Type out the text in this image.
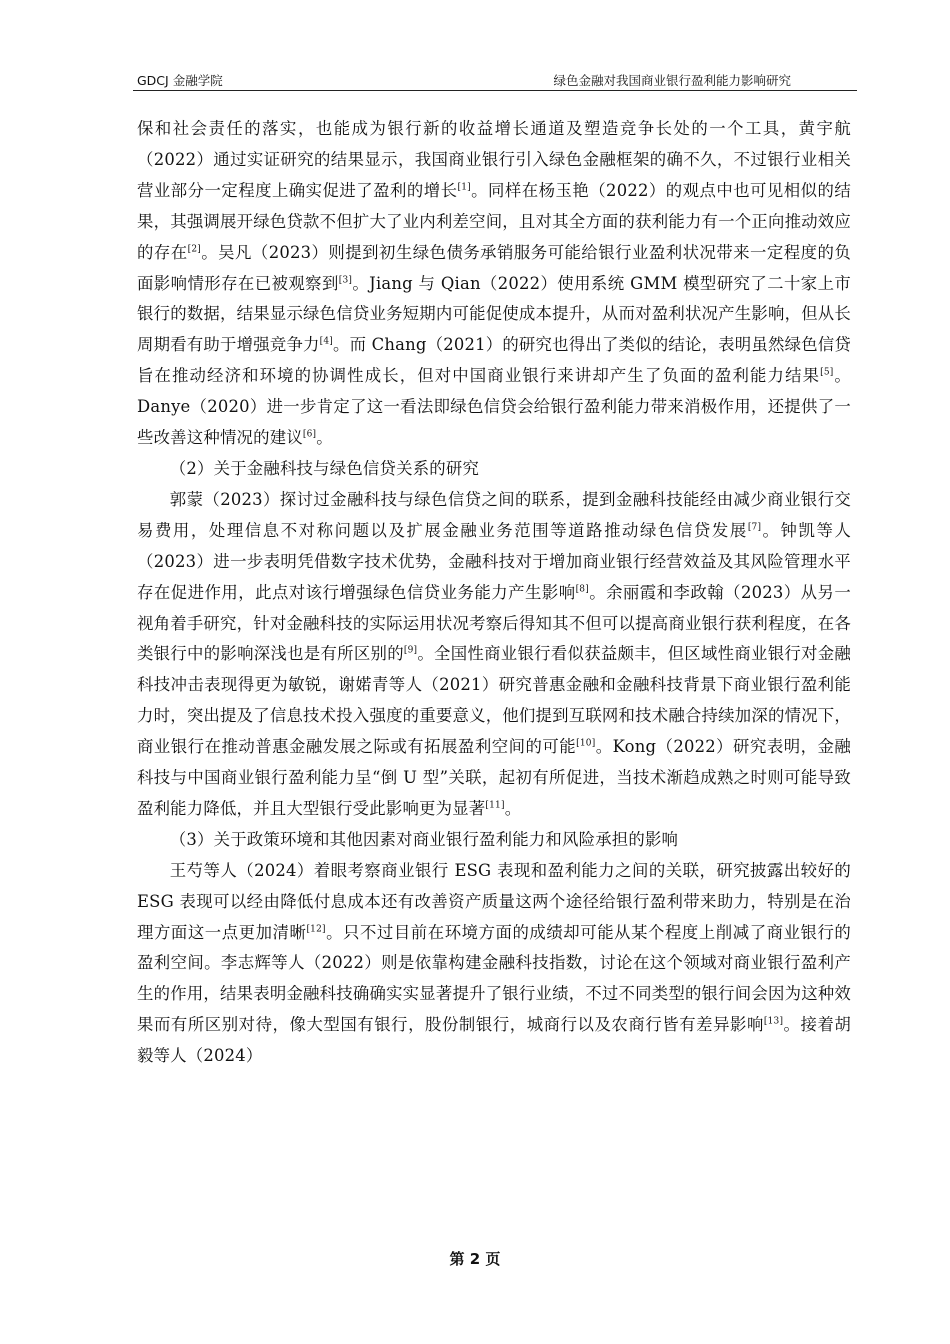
GDCJ 金融学院	绿色金融对我国商业银行盈利能力影响研究

保和社会责任的落实，也能成为银行新的收益增长通道及塑造竞争长处的一个工具，黄宇航（2022）通过实证研究的结果显示，我国商业银行引入绿色金融框架的确不久，不过银行业相关营业部分一定程度上确实促进了盈利的增长[1]。同样在杨玉艳（2022）的观点中也可见相似的结果，其强调展开绿色贷款不但扩大了业内利差空间，且对其全方面的获利能力有一个正向推动效应的存在[2]。吴凡（2023）则提到初生绿色债务承销服务可能给银行业盈利状况带来一定程度的负面影响情形存在已被观察到[3]。Jiang 与 Qian（2022）使用系统 GMM 模型研究了二十家上市银行的数据，结果显示绿色信贷业务短期内可能促使成本提升，从而对盈利状况产生影响，但从长周期看有助于增强竞争力[4]。而 Chang（2021）的研究也得出了类似的结论，表明虽然绿色信贷旨在推动经济和环境的协调性成长，但对中国商业银行来讲却产生了负面的盈利能力结果[5]。Danye（2020）进一步肯定了这一看法即绿色信贷会给银行盈利能力带来消极作用，还提供了一些改善这种情况的建议[6]。

（2）关于金融科技与绿色信贷关系的研究

郭蒙（2023）探讨过金融科技与绿色信贷之间的联系，提到金融科技能经由减少商业银行交易费用，处理信息不对称问题以及扩展金融业务范围等道路推动绿色信贷发展[7]。钟凯等人（2023）进一步表明凭借数字技术优势，金融科技对于增加商业银行经营效益及其风险管理水平存在促进作用，此点对该行增强绿色信贷业务能力产生影响[8]。余丽霞和李政翰（2023）从另一视角着手研究，针对金融科技的实际运用状况考察后得知其不但可以提高商业银行获利程度，在各类银行中的影响深浅也是有所区别的[9]。全国性商业银行看似获益颇丰，但区域性商业银行对金融科技冲击表现得更为敏锐，谢婼青等人（2021）研究普惠金融和金融科技背景下商业银行盈利能力时，突出提及了信息技术投入强度的重要意义，他们提到互联网和技术融合持续加深的情况下，商业银行在推动普惠金融发展之际或有拓展盈利空间的可能[10]。Kong（2022）研究表明，金融科技与中国商业银行盈利能力呈“倒 U 型”关联，起初有所促进，当技术渐趋成熟之时则可能导致盈利能力降低，并且大型银行受此影响更为显著[11]。

（3）关于政策环境和其他因素对商业银行盈利能力和风险承担的影响

王芍等人（2024）着眼考察商业银行 ESG 表现和盈利能力之间的关联，研究披露出较好的 ESG 表现可以经由降低付息成本还有改善资产质量这两个途径给银行盈利带来助力，特别是在治理方面这一点更加清晰[12]。只不过目前在环境方面的成绩却可能从某个程度上削减了商业银行的盈利空间。李志辉等人（2022）则是依靠构建金融科技指数，讨论在这个领域对商业银行盈利产生的作用，结果表明金融科技确确实实显著提升了银行业绩，不过不同类型的银行间会因为这种效果而有所区别对待，像大型国有银行，股份制银行，城商行以及农商行皆有差异影响[13]。接着胡毅等人（2024）

第 2 页
